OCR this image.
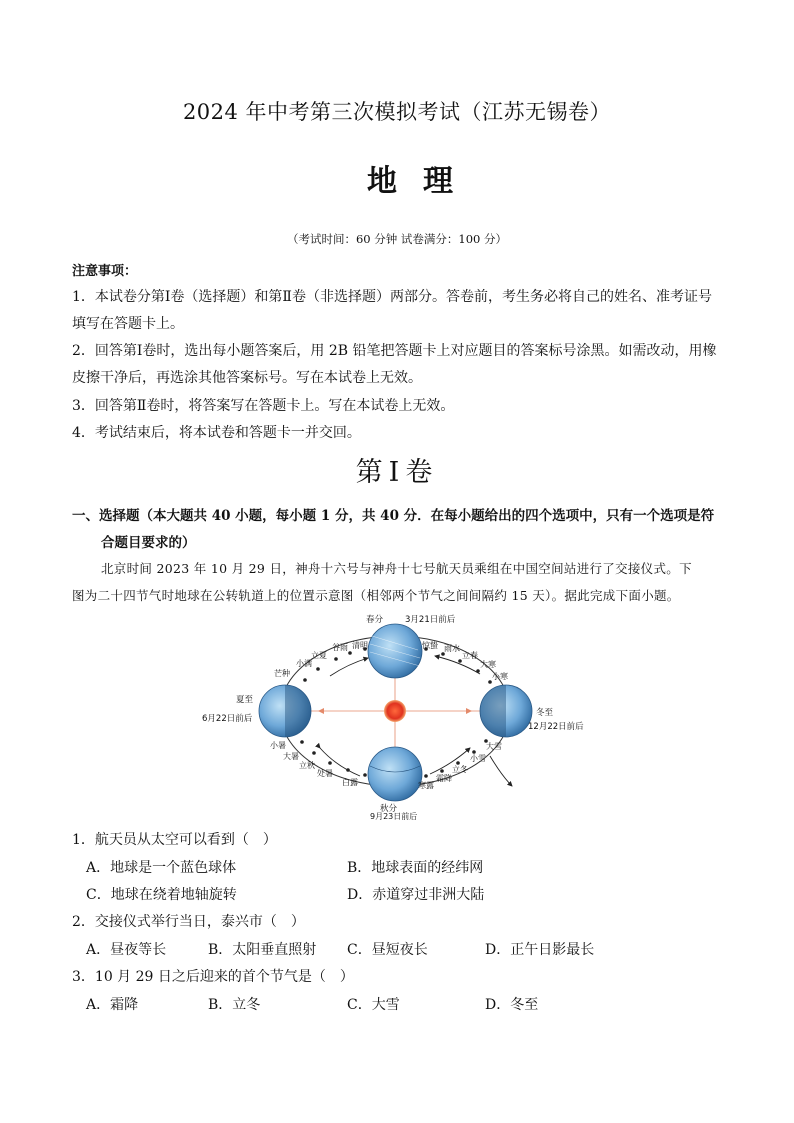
2024 年中考第三次模拟考试（江苏无锡卷）
地理
（考试时间：60 分钟 试卷满分：100 分）
注意事项：
1．本试卷分第Ⅰ卷（选择题）和第Ⅱ卷（非选择题）两部分。答卷前，考生务必将自己的姓名、准考证号
填写在答题卡上。
2．回答第Ⅰ卷时，选出每小题答案后，用 2B 铅笔把答题卡上对应题目的答案标号涂黑。如需改动，用橡
皮擦干净后，再选涂其他答案标号。写在本试卷上无效。
3．回答第Ⅱ卷时，将答案写在答题卡上。写在本试卷上无效。
4．考试结束后，将本试卷和答题卡一并交回。
第Ⅰ卷
一、选择题（本大题共 40 小题，每小题 1 分，共 40 分．在每小题给出的四个选项中，只有一个选项是符
合题目要求的）
北京时间 2023 年 10 月 29 日，神舟十六号与神舟十七号航天员乘组在中国空间站进行了交接仪式。下
图为二十四节气时地球在公转轨道上的位置示意图（相邻两个节气之间间隔约 15 天）。据此完成下面小题。
春分	3月21日前后
夏至
6月22日前后
冬至
12月22日前后
秋分
9月23日前后
清明
谷雨
立夏
小满
芒种
小暑
大暑
立秋
处暑
白露	寒露
霜降
立冬
小雪
大雪
小寒
大寒
立春
雨水
惊蛰
1．航天员从太空可以看到（　）
A．地球是一个蓝色球体	B．地球表面的经纬网
C．地球在绕着地轴旋转	D．赤道穿过非洲大陆
2．交接仪式举行当日，泰兴市（　）
A．昼夜等长	B．太阳垂直照射 C．昼短夜长	D．正午日影最长
3．10 月 29 日之后迎来的首个节气是（　）
A．霜降	B．立冬	C．大雪	D．冬至
